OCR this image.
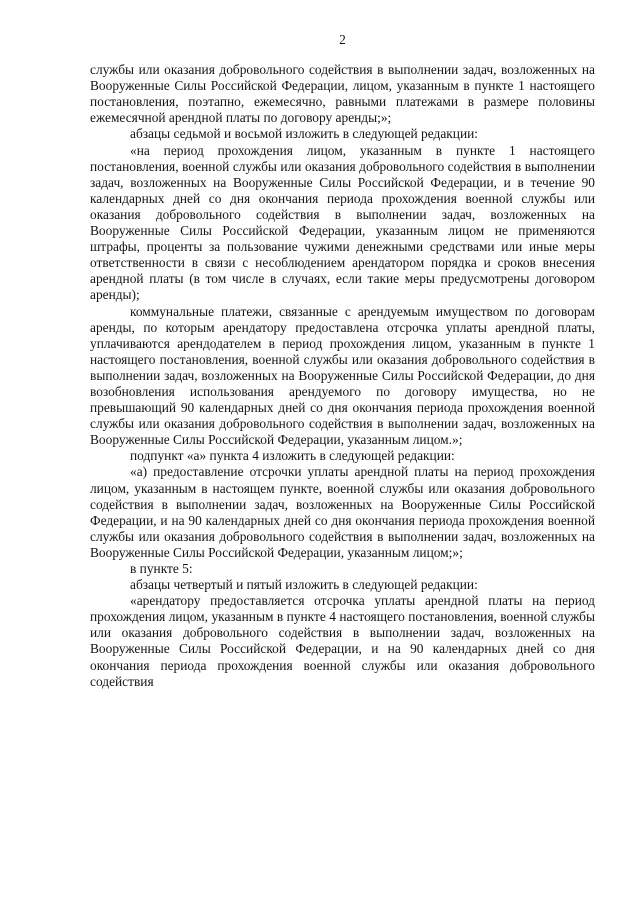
2

службы или оказания добровольного содействия в выполнении задач, возложенных на Вооруженные Силы Российской Федерации, лицом, указанным в пункте 1 настоящего постановления, поэтапно, ежемесячно, равными платежами в размере половины ежемесячной арендной платы по договору аренды;»;

абзацы седьмой и восьмой изложить в следующей редакции:

«на период прохождения лицом, указанным в пункте 1 настоящего постановления, военной службы или оказания добровольного содействия в выполнении задач, возложенных на Вооруженные Силы Российской Федерации, и в течение 90 календарных дней со дня окончания периода прохождения военной службы или оказания добровольного содействия в выполнении задач, возложенных на Вооруженные Силы Российской Федерации, указанным лицом не применяются штрафы, проценты за пользование чужими денежными средствами или иные меры ответственности в связи с несоблюдением арендатором порядка и сроков внесения арендной платы (в том числе в случаях, если такие меры предусмотрены договором аренды);

коммунальные платежи, связанные с арендуемым имуществом по договорам аренды, по которым арендатору предоставлена отсрочка уплаты арендной платы, уплачиваются арендодателем в период прохождения лицом, указанным в пункте 1 настоящего постановления, военной службы или оказания добровольного содействия в выполнении задач, возложенных на Вооруженные Силы Российской Федерации, до дня возобновления использования арендуемого по договору имущества, но не превышающий 90 календарных дней со дня окончания периода прохождения военной службы или оказания добровольного содействия в выполнении задач, возложенных на Вооруженные Силы Российской Федерации, указанным лицом.»;

подпункт «а» пункта 4 изложить в следующей редакции:

«а) предоставление отсрочки уплаты арендной платы на период прохождения лицом, указанным в настоящем пункте, военной службы или оказания добровольного содействия в выполнении задач, возложенных на Вооруженные Силы Российской Федерации, и на 90 календарных дней со дня окончания периода прохождения военной службы или оказания добровольного содействия в выполнении задач, возложенных на Вооруженные Силы Российской Федерации, указанным лицом;»;

в пункте 5:

абзацы четвертый и пятый изложить в следующей редакции:

«арендатору предоставляется отсрочка уплаты арендной платы на период прохождения лицом, указанным в пункте 4 настоящего постановления, военной службы или оказания добровольного содействия в выполнении задач, возложенных на Вооруженные Силы Российской Федерации, и на 90 календарных дней со дня окончания периода прохождения военной службы или оказания добровольного содействия
